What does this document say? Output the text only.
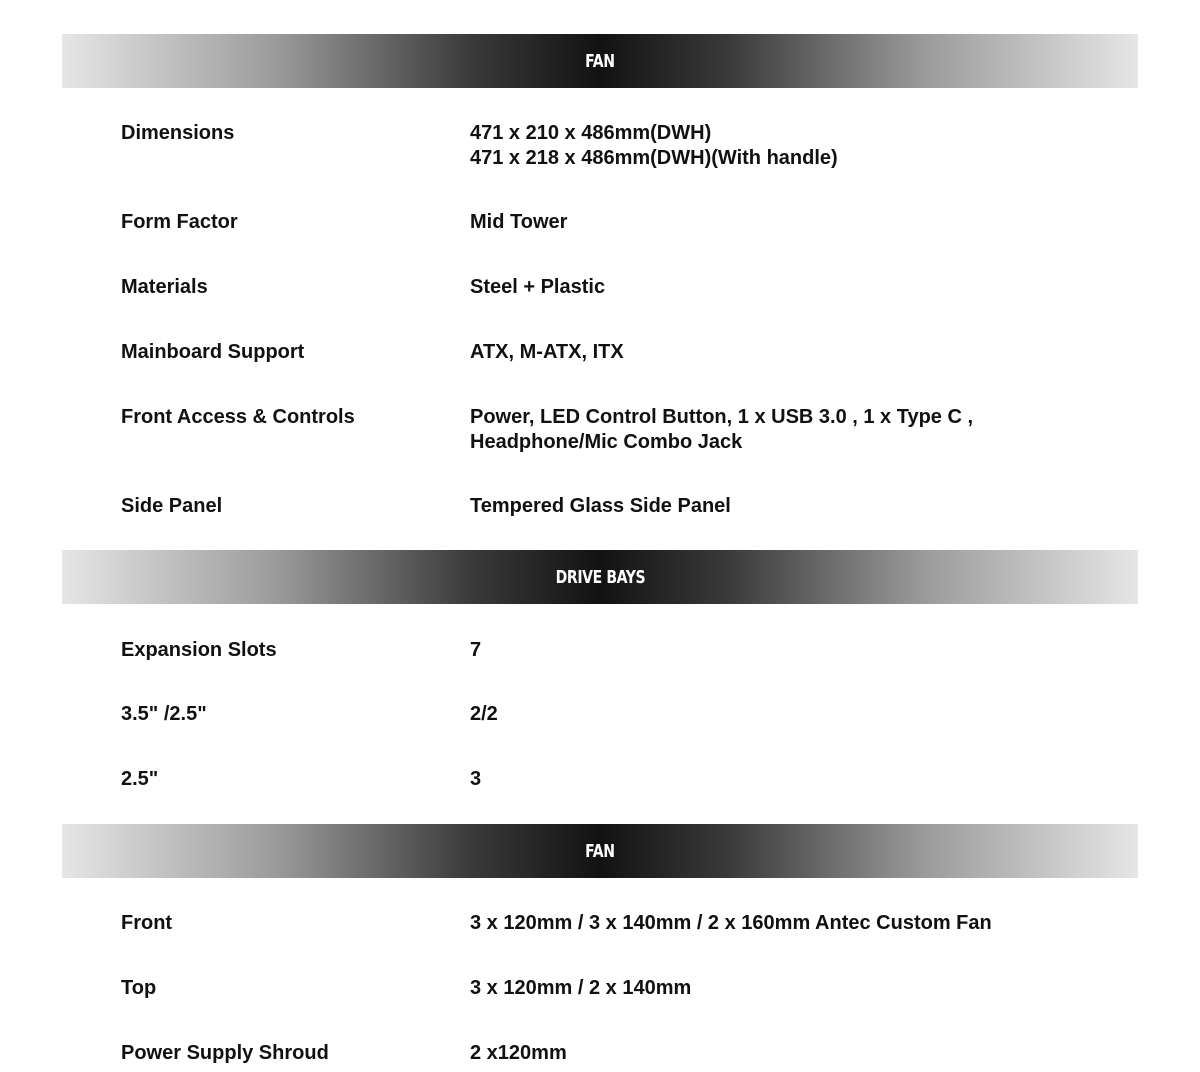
FAN
Dimensions	471 x 210 x 486mm(DWH)
471 x 218 x 486mm(DWH)(With handle)
Form Factor	Mid Tower
Materials	Steel + Plastic
Mainboard Support	ATX, M-ATX, ITX
Front Access & Controls	Power, LED Control Button, 1 x USB 3.0 , 1 x Type C ,
Headphone/Mic Combo Jack
Side Panel	Tempered Glass Side Panel
DRIVE BAYS
Expansion Slots	7
3.5" /2.5"	2/2
2.5"	3
FAN
Front	3 x 120mm / 3 x 140mm / 2 x 160mm Antec Custom Fan
Top	3 x 120mm / 2 x 140mm
Power Supply Shroud	2 x120mm
